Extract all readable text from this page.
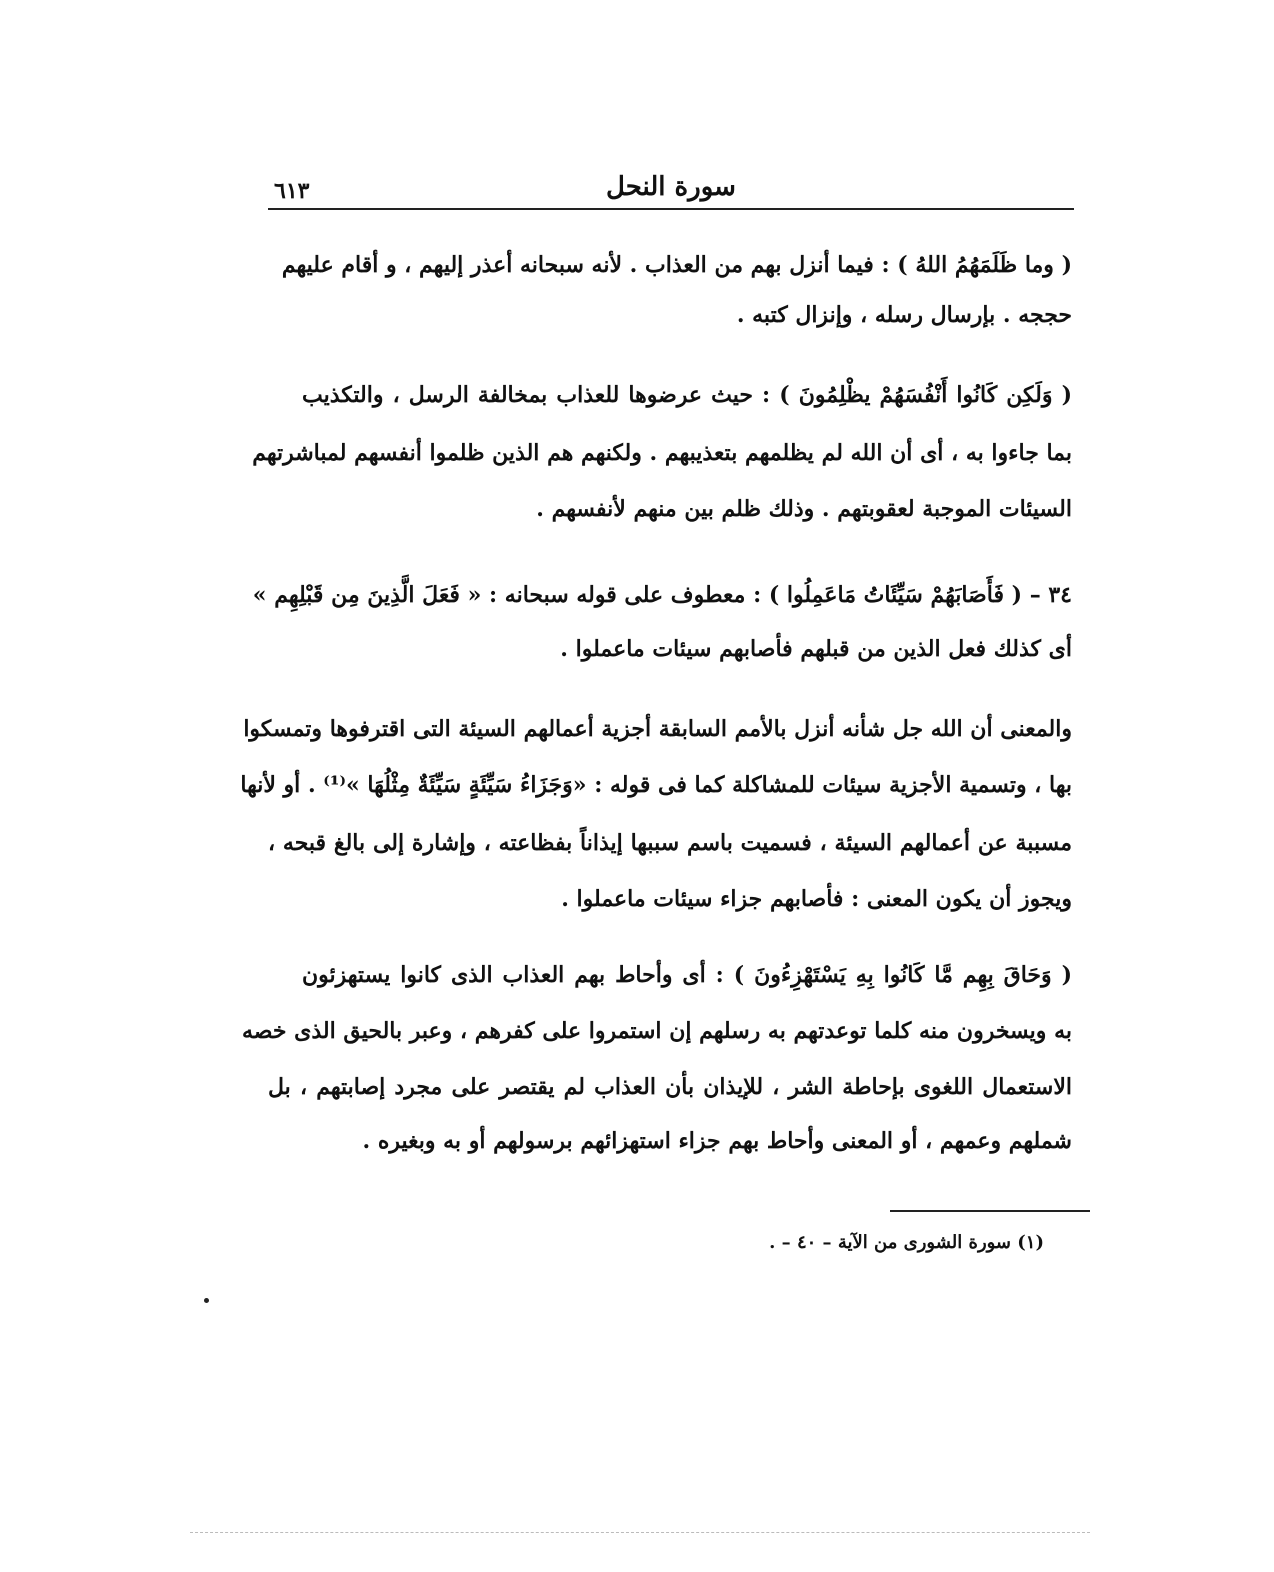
٦١٣	سورة النحل
( وما ظَلَمَهُمُ اللهُ ) : فيما أنزل بهم من العذاب . لأنه سبحانه أعذر إليهم ، و أقام عليهم
حججه . بإرسال رسله ، وإنزال كتبه .
( وَلَكِن كَانُوا أَنْفُسَهُمْ يظْلِمُونَ ) : حيث عرضوها للعذاب بمخالفة الرسل ، والتكذيب
بما جاءوا به ، أى أن الله لم يظلمهم بتعذيبهم . ولكنهم هم الذين ظلموا أنفسهم لمباشرتهم
السيئات الموجبة لعقوبتهم . وذلك ظلم بين منهم لأنفسهم .
٣٤ – ( فَأَصَابَهُمْ سَيِّئَاتُ مَاعَمِلُوا ) : معطوف على قوله سبحانه : « فَعَلَ الَّذِينَ مِن قَبْلِهِم »
أى كذلك فعل الذين من قبلهم فأصابهم سيئات ماعملوا .
والمعنى أن الله جل شأنه أنزل بالأمم السابقة أجزية أعمالهم السيئة التى اقترفوها وتمسكوا
بها ، وتسمية الأجزية سيئات للمشاكلة كما فى قوله : «وَجَزَاءُ سَيِّئَةٍ سَيِّئَةٌ مِثْلُهَا »⁽¹⁾ . أو لأنها
مسببة عن أعمالهم السيئة ، فسميت باسم سببها إيذاناً بفظاعته ، وإشارة إلى بالغ قبحه ،
ويجوز أن يكون المعنى : فأصابهم جزاء سيئات ماعملوا .
( وَحَاقَ بِهِم مَّا كَانُوا بِهِ يَسْتَهْزِءُونَ ) : أى وأحاط بهم العذاب الذى كانوا يستهزئون
به ويسخرون منه كلما توعدتهم به رسلهم إن استمروا على كفرهم ، وعبر بالحيق الذى خصه
الاستعمال اللغوى بإحاطة الشر ، للإيذان بأن العذاب لم يقتصر على مجرد إصابتهم ، بل
شملهم وعمهم ، أو المعنى وأحاط بهم جزاء استهزائهم برسولهم أو به وبغيره .
(١) سورة الشورى من الآية – ٤٠ – .
